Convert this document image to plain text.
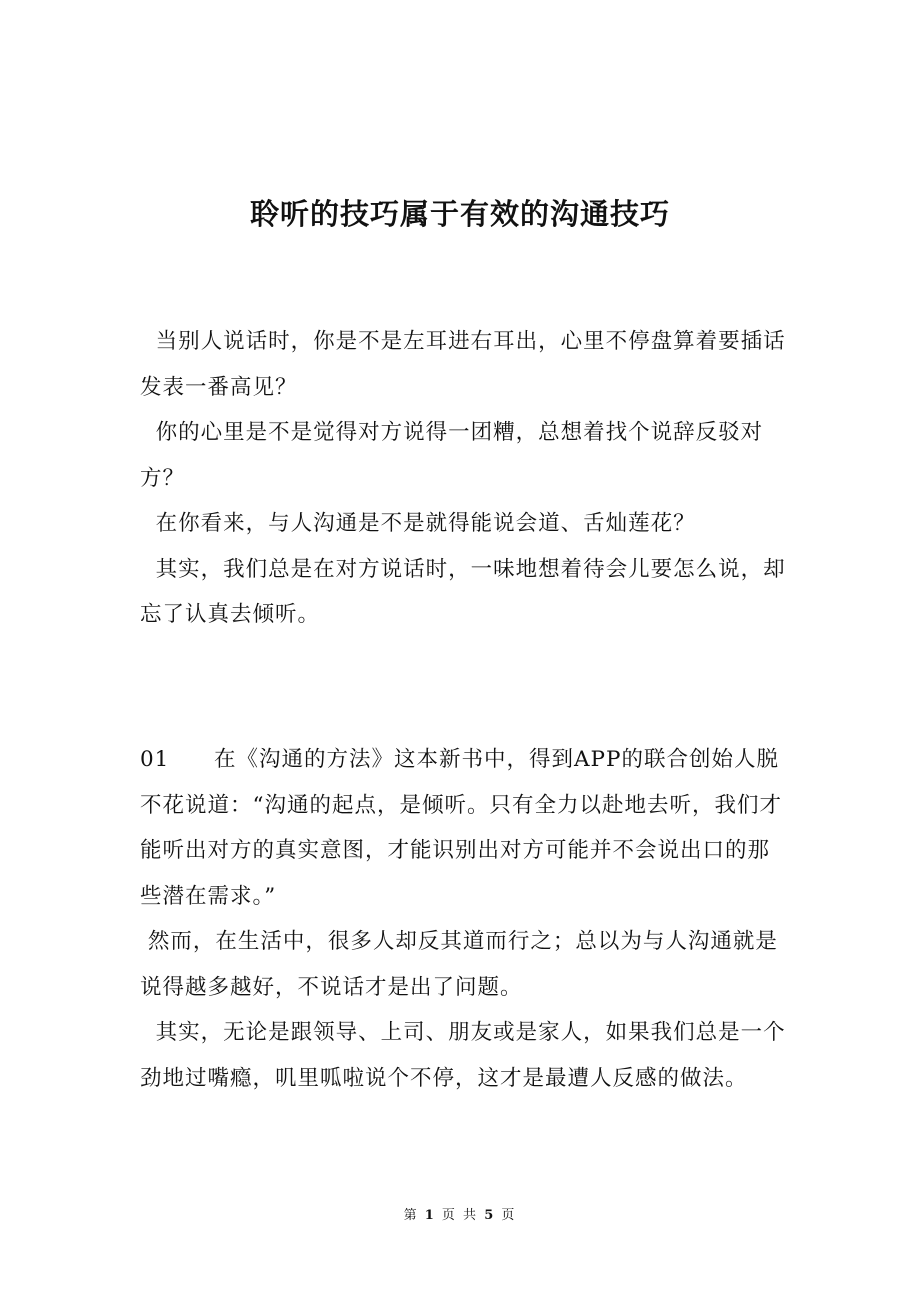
聆听的技巧属于有效的沟通技巧

当别人说话时，你是不是左耳进右耳出，心里不停盘算着要插话发表一番高见？

你的心里是不是觉得对方说得一团糟，总想着找个说辞反驳对方？

在你看来，与人沟通是不是就得能说会道、舌灿莲花？

其实，我们总是在对方说话时，一味地想着待会儿要怎么说，却忘了认真去倾听。

01 在《沟通的方法》这本新书中，得到APP的联合创始人脱不花说道：“沟通的起点，是倾听。只有全力以赴地去听，我们才能听出对方的真实意图，才能识别出对方可能并不会说出口的那些潜在需求。”

然而，在生活中，很多人却反其道而行之；总以为与人沟通就是说得越多越好，不说话才是出了问题。

其实，无论是跟领导、上司、朋友或是家人，如果我们总是一个劲地过嘴瘾，叽里呱啦说个不停，这才是最遭人反感的做法。

第 1 页 共 5 页
